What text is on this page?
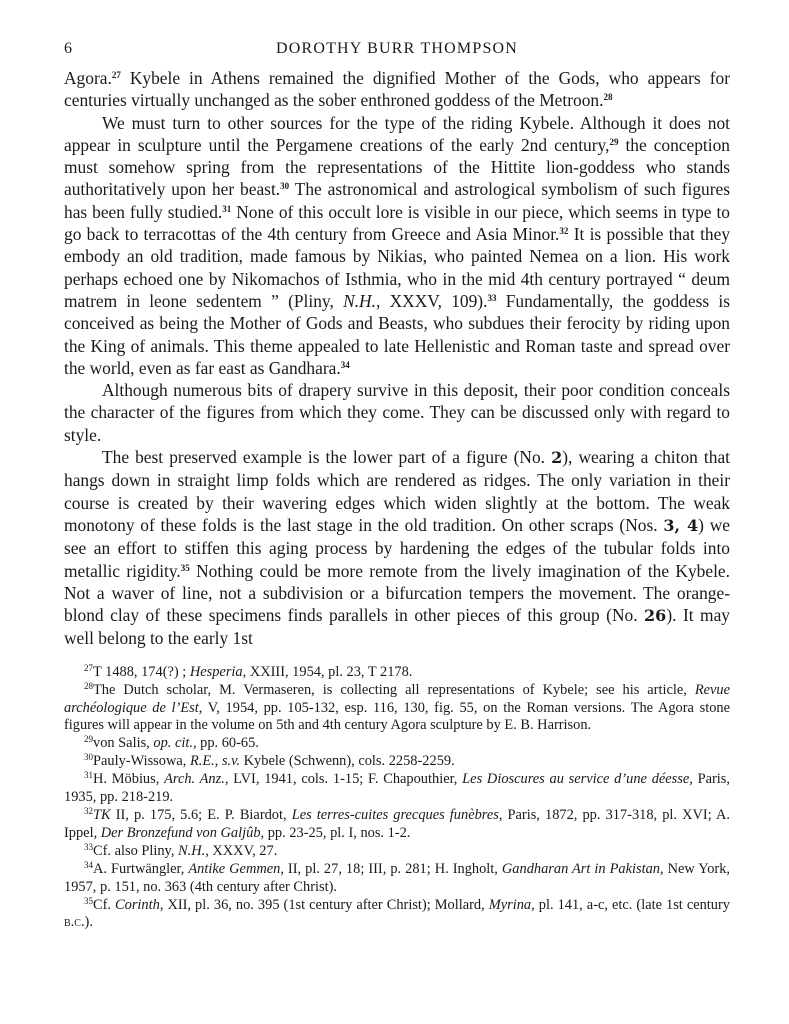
6	DOROTHY BURR THOMPSON

Agora.$^{27}$ Kybele in Athens remained the dignified Mother of the Gods, who appears for centuries virtually unchanged as the sober enthroned goddess of the Metroon.$^{28}$

We must turn to other sources for the type of the riding Kybele. Although it does not appear in sculpture until the Pergamene creations of the early 2nd century,$^{29}$ the conception must somehow spring from the representations of the Hittite lion-goddess who stands authoritatively upon her beast.$^{30}$ The astronomical and astrological symbolism of such figures has been fully studied.$^{31}$ None of this occult lore is visible in our piece, which seems in type to go back to terracottas of the 4th century from Greece and Asia Minor.$^{32}$ It is possible that they embody an old tradition, made famous by Nikias, who painted Nemea on a lion. His work perhaps echoed one by Nikomachos of Isthmia, who in the mid 4th century portrayed “ deum matrem in leone sedentem ” (Pliny, N.H., XXXV, 109).$^{33}$ Fundamentally, the goddess is conceived as being the Mother of Gods and Beasts, who subdues their ferocity by riding upon the King of animals. This theme appealed to late Hellenistic and Roman taste and spread over the world, even as far east as Gandhara.$^{34}$

Although numerous bits of drapery survive in this deposit, their poor condition conceals the character of the figures from which they come. They can be discussed only with regard to style.

The best preserved example is the lower part of a figure (No. 2), wearing a chiton that hangs down in straight limp folds which are rendered as ridges. The only variation in their course is created by their wavering edges which widen slightly at the bottom. The weak monotony of these folds is the last stage in the old tradition. On other scraps (Nos. 3, 4) we see an effort to stiffen this aging process by hardening the edges of the tubular folds into metallic rigidity.$^{35}$ Nothing could be more remote from the lively imagination of the Kybele. Not a waver of line, not a subdivision or a bifurcation tempers the movement. The orange-blond clay of these specimens finds parallels in other pieces of this group (No. 26). It may well belong to the early 1st

$^{27}$T 1488, 174(?) ; Hesperia, XXIII, 1954, pl. 23, T 2178.
$^{28}$The Dutch scholar, M. Vermaseren, is collecting all representations of Kybele; see his article, Revue archéologique de l’Est, V, 1954, pp. 105-132, esp. 116, 130, fig. 55, on the Roman versions. The Agora stone figures will appear in the volume on 5th and 4th century Agora sculpture by E. B. Harrison.
$^{29}$von Salis, op. cit., pp. 60-65.
$^{30}$Pauly-Wissowa, R.E., s.v. Kybele (Schwenn), cols. 2258-2259.
$^{31}$H. Möbius, Arch. Anz., LVI, 1941, cols. 1-15; F. Chapouthier, Les Dioscures au service d’une déesse, Paris, 1935, pp. 218-219.
$^{32}$TK II, p. 175, 5.6; E. P. Biardot, Les terres-cuites grecques funèbres, Paris, 1872, pp. 317-318, pl. XVI; A. Ippel, Der Bronzefund von Galjûb, pp. 23-25, pl. I, nos. 1-2.
$^{33}$Cf. also Pliny, N.H., XXXV, 27.
$^{34}$A. Furtwängler, Antike Gemmen, II, pl. 27, 18; III, p. 281; H. Ingholt, Gandharan Art in Pakistan, New York, 1957, p. 151, no. 363 (4th century after Christ).
$^{35}$Cf. Corinth, XII, pl. 36, no. 395 (1st century after Christ); Mollard, Myrina, pl. 141, a-c, etc. (late 1st century b.c.).
